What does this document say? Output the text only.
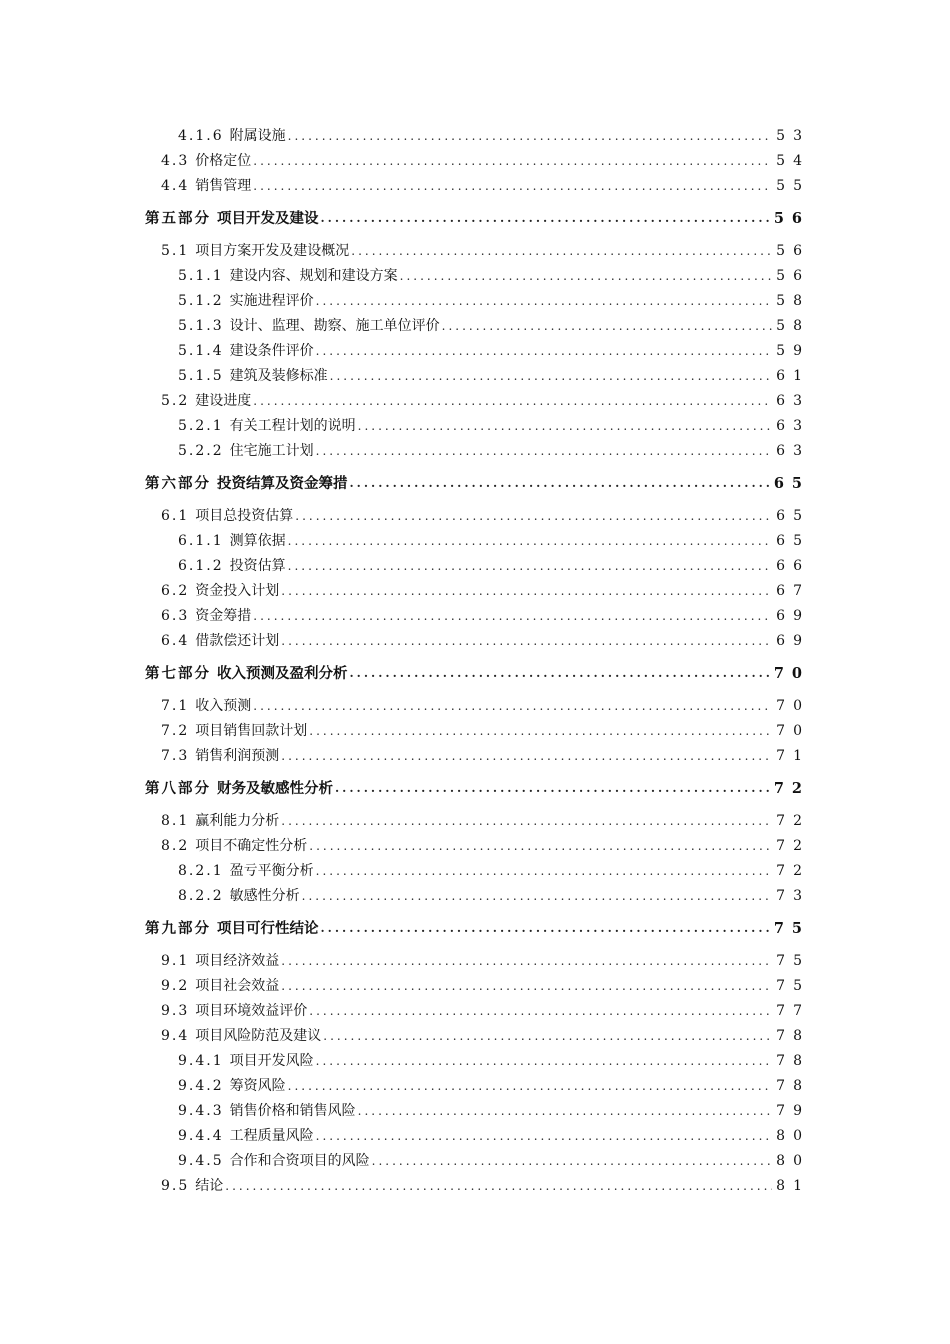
4.1.6 附属设施 .....	53
4.3 价格定位 .....	54
4.4 销售管理 .....	55
第五部分 项目开发及建设 .....	56
5.1 项目方案开发及建设概况 .....	56
5.1.1 建设内容、规划和建设方案 .....	56
5.1.2 实施进程评价 .....	58
5.1.3 设计、监理、勘察、施工单位评价 .....	58
5.1.4 建设条件评价 .....	59
5.1.5 建筑及装修标准 .....	61
5.2 建设进度 .....	63
5.2.1 有关工程计划的说明 .....	63
5.2.2 住宅施工计划 .....	63
第六部分 投资结算及资金筹措 .....	65
6.1 项目总投资估算 .....	65
6.1.1 测算依据 .....	65
6.1.2 投资估算 .....	66
6.2 资金投入计划 .....	67
6.3 资金筹措 .....	69
6.4 借款偿还计划 .....	69
第七部分 收入预测及盈利分析 .....	70
7.1 收入预测 .....	70
7.2 项目销售回款计划 .....	70
7.3 销售利润预测 .....	71
第八部分 财务及敏感性分析 .....	72
8.1 赢利能力分析 .....	72
8.2 项目不确定性分析 .....	72
8.2.1 盈亏平衡分析 .....	72
8.2.2 敏感性分析 .....	73
第九部分 项目可行性结论 .....	75
9.1 项目经济效益 .....	75
9.2 项目社会效益 .....	75
9.3 项目环境效益评价 .....	77
9.4 项目风险防范及建议 .....	78
9.4.1 项目开发风险 .....	78
9.4.2 筹资风险 .....	78
9.4.3 销售价格和销售风险 .....	79
9.4.4 工程质量风险 .....	80
9.4.5 合作和合资项目的风险 .....	80
9.5 结论 .....	81
